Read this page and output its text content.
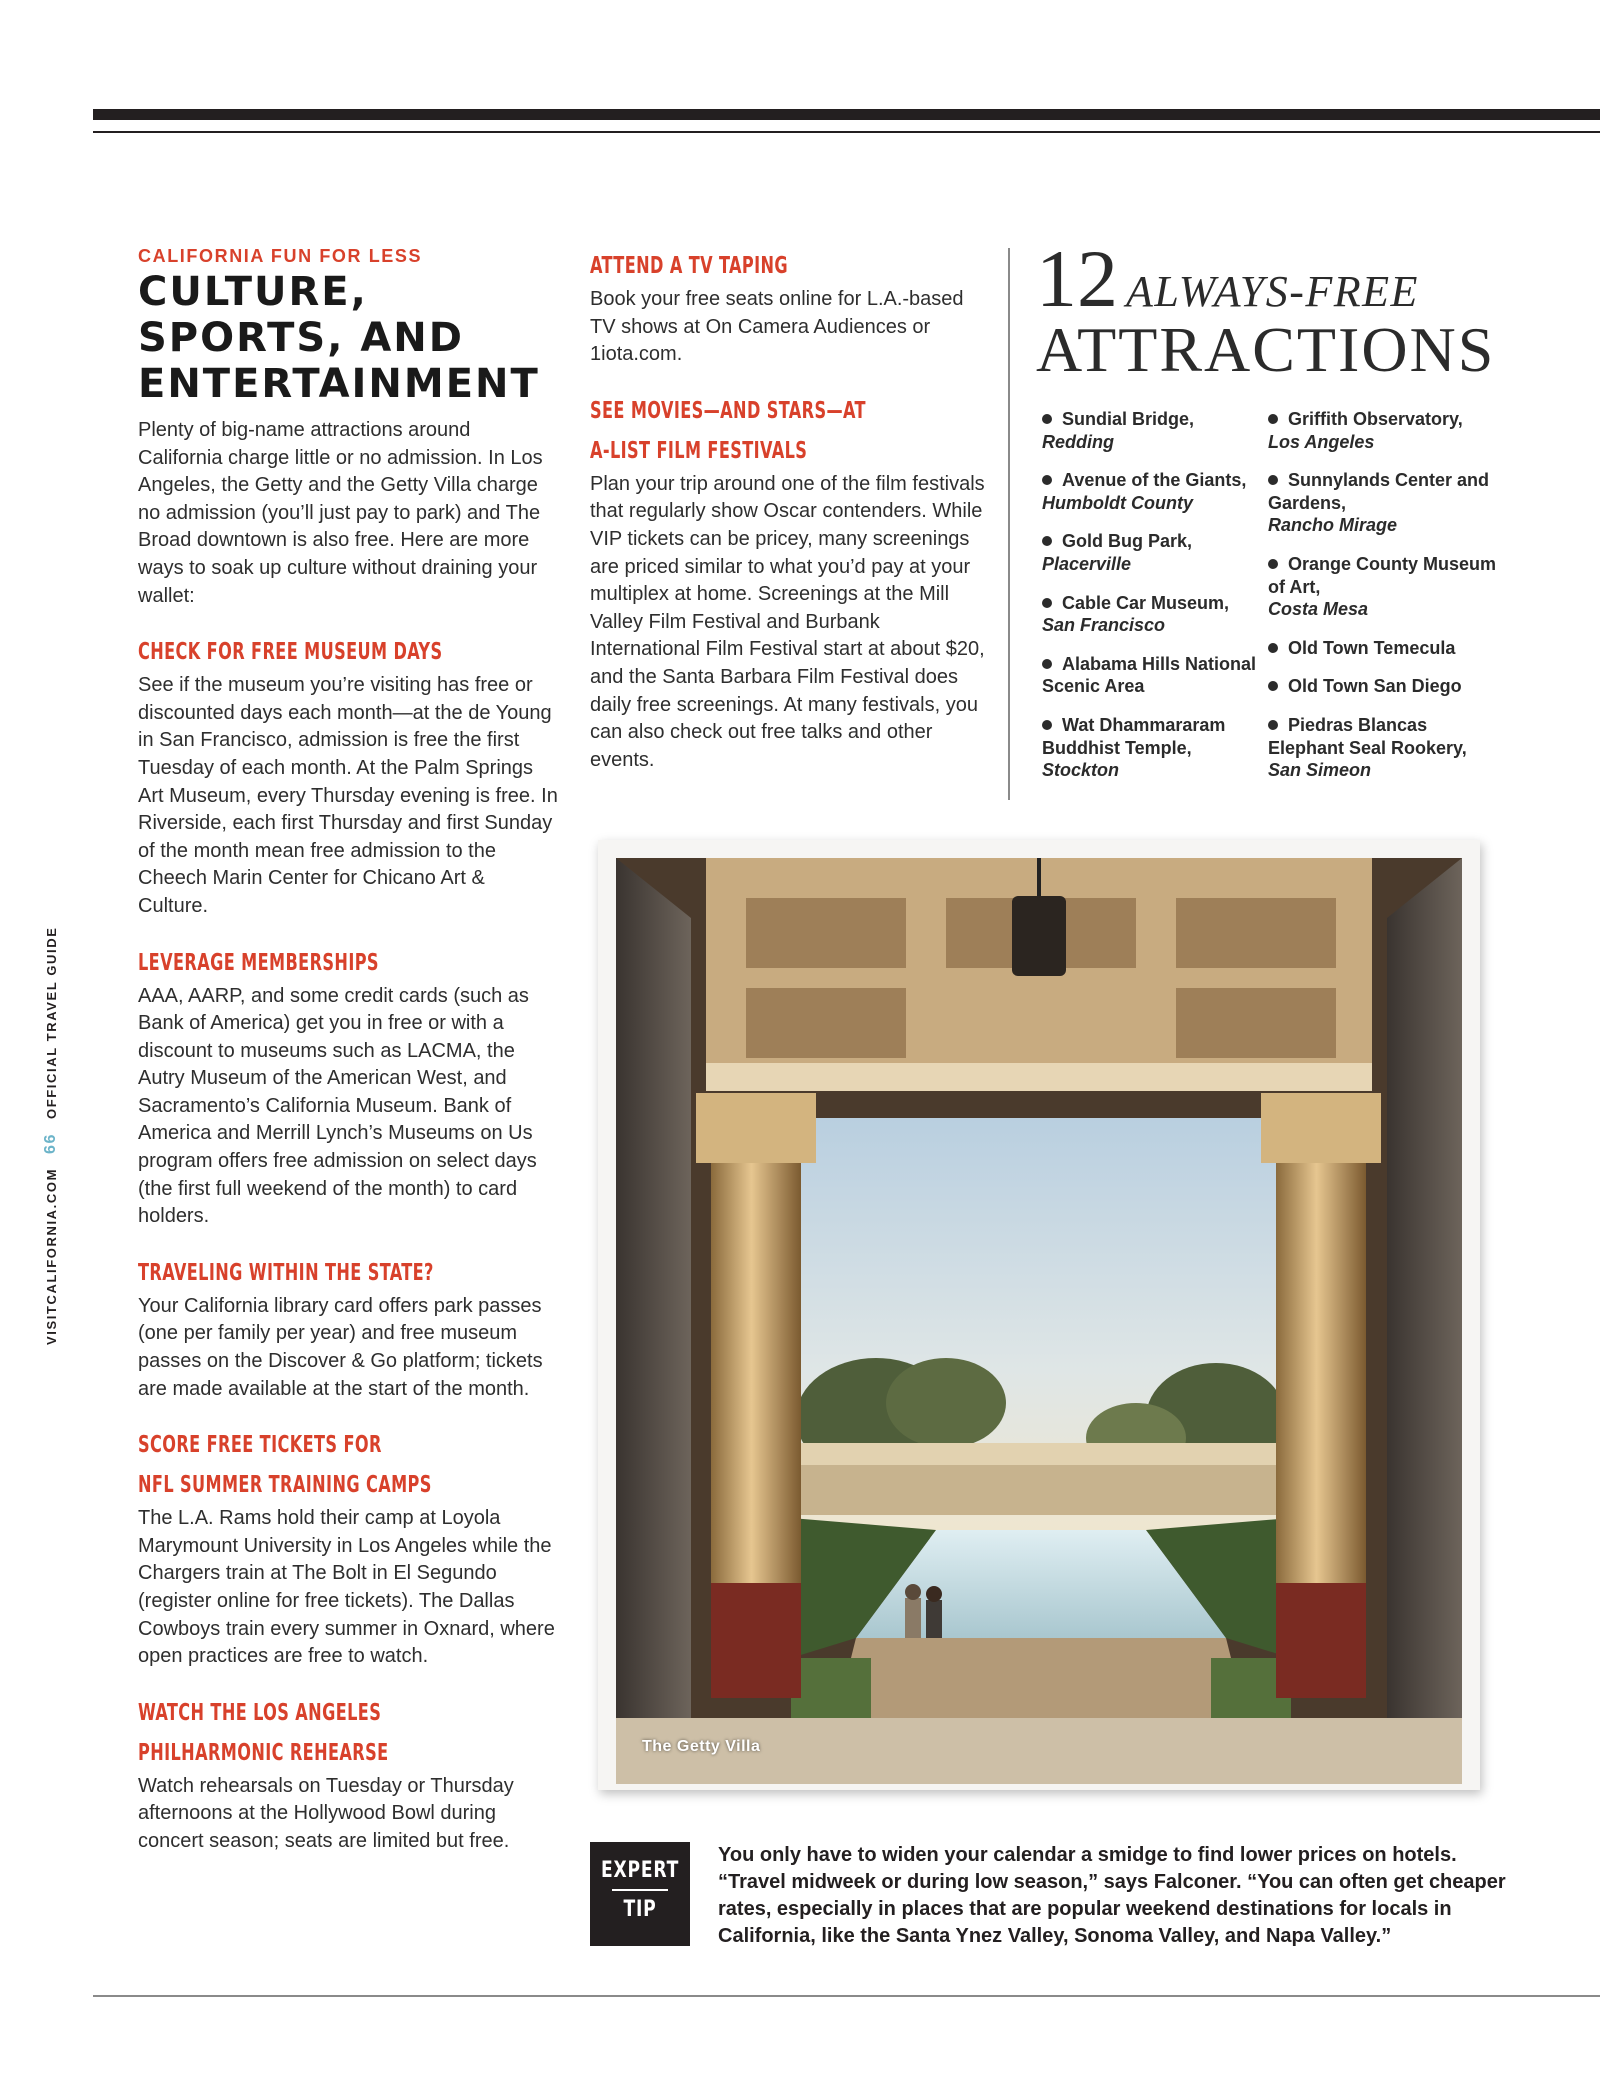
VISITCALIFORNIA.COM
66
OFFICIAL TRAVEL GUIDE
CALIFORNIA FUN FOR LESS
CULTURE,
SPORTS, AND
ENTERTAINMENT

Plenty of big-name attractions around California charge little or no admission. In Los Angeles, the Getty and the Getty Villa charge no admission (you’ll just pay to park) and The Broad downtown is also free. Here are more ways to soak up culture without draining your wallet:

CHECK FOR FREE MUSEUM DAYS

See if the museum you’re visiting has free or discounted days each month—at the de Young in San Francisco, admission is free the first Tuesday of each month. At the Palm Springs Art Museum, every Thursday evening is free. In Riverside, each first Thursday and first Sunday of the month mean free admission to the Cheech Marin Center for Chicano Art & Culture.

LEVERAGE MEMBERSHIPS

AAA, AARP, and some credit cards (such as Bank of America) get you in free or with a discount to museums such as LACMA, the Autry Museum of the American West, and Sacramento’s California Museum. Bank of America and Merrill Lynch’s Museums on Us program offers free admission on select days (the first full weekend of the month) to card holders.

TRAVELING WITHIN THE STATE?

Your California library card offers park passes (one per family per year) and free museum passes on the Discover & Go platform; tickets are made available at the start of the month.

SCORE FREE TICKETS FOR
NFL SUMMER TRAINING CAMPS

The L.A. Rams hold their camp at Loyola Marymount University in Los Angeles while the Chargers train at The Bolt in El Segundo (register online for free tickets). The Dallas Cowboys train every summer in Oxnard, where open practices are free to watch.

WATCH THE LOS ANGELES
PHILHARMONIC REHEARSE

Watch rehearsals on Tuesday or Thursday afternoons at the Hollywood Bowl during concert season; seats are limited but free.

ATTEND A TV TAPING

Book your free seats online for L.A.-based TV shows at On Camera Audiences or 1iota.com.

SEE MOVIES—AND STARS—AT
A-LIST FILM FESTIVALS

Plan your trip around one of the film festivals that regularly show Oscar contenders. While VIP tickets can be pricey, many screenings are priced similar to what you’d pay at your multiplex at home. Screenings at the Mill Valley Film Festival and Burbank International Film Festival start at about $20, and the Santa Barbara Film Festival does daily free screenings. At many festivals, you can also check out free talks and other events.

12 ALWAYS-FREE
ATTRACTIONS
Sundial Bridge,
Redding
Avenue of the Giants, Humboldt County
Gold Bug Park,
Placerville
Cable Car Museum,
San Francisco
Alabama Hills National Scenic Area
Wat Dhammararam Buddhist Temple,
Stockton
Griffith Observatory,
Los Angeles
Sunnylands Center and Gardens,
Rancho Mirage
Orange County Museum of Art,
Costa Mesa
Old Town Temecula
Old Town San Diego
Piedras Blancas Elephant Seal Rookery,
San Simeon
The Getty Villa
EXPERT
TIP
You only have to widen your calendar a smidge to find lower prices on hotels. “Travel midweek or during low season,” says Falconer. “You can often get cheaper rates, especially in places that are popular weekend destinations for locals in California, like the Santa Ynez Valley, Sonoma Valley, and Napa Valley.”
